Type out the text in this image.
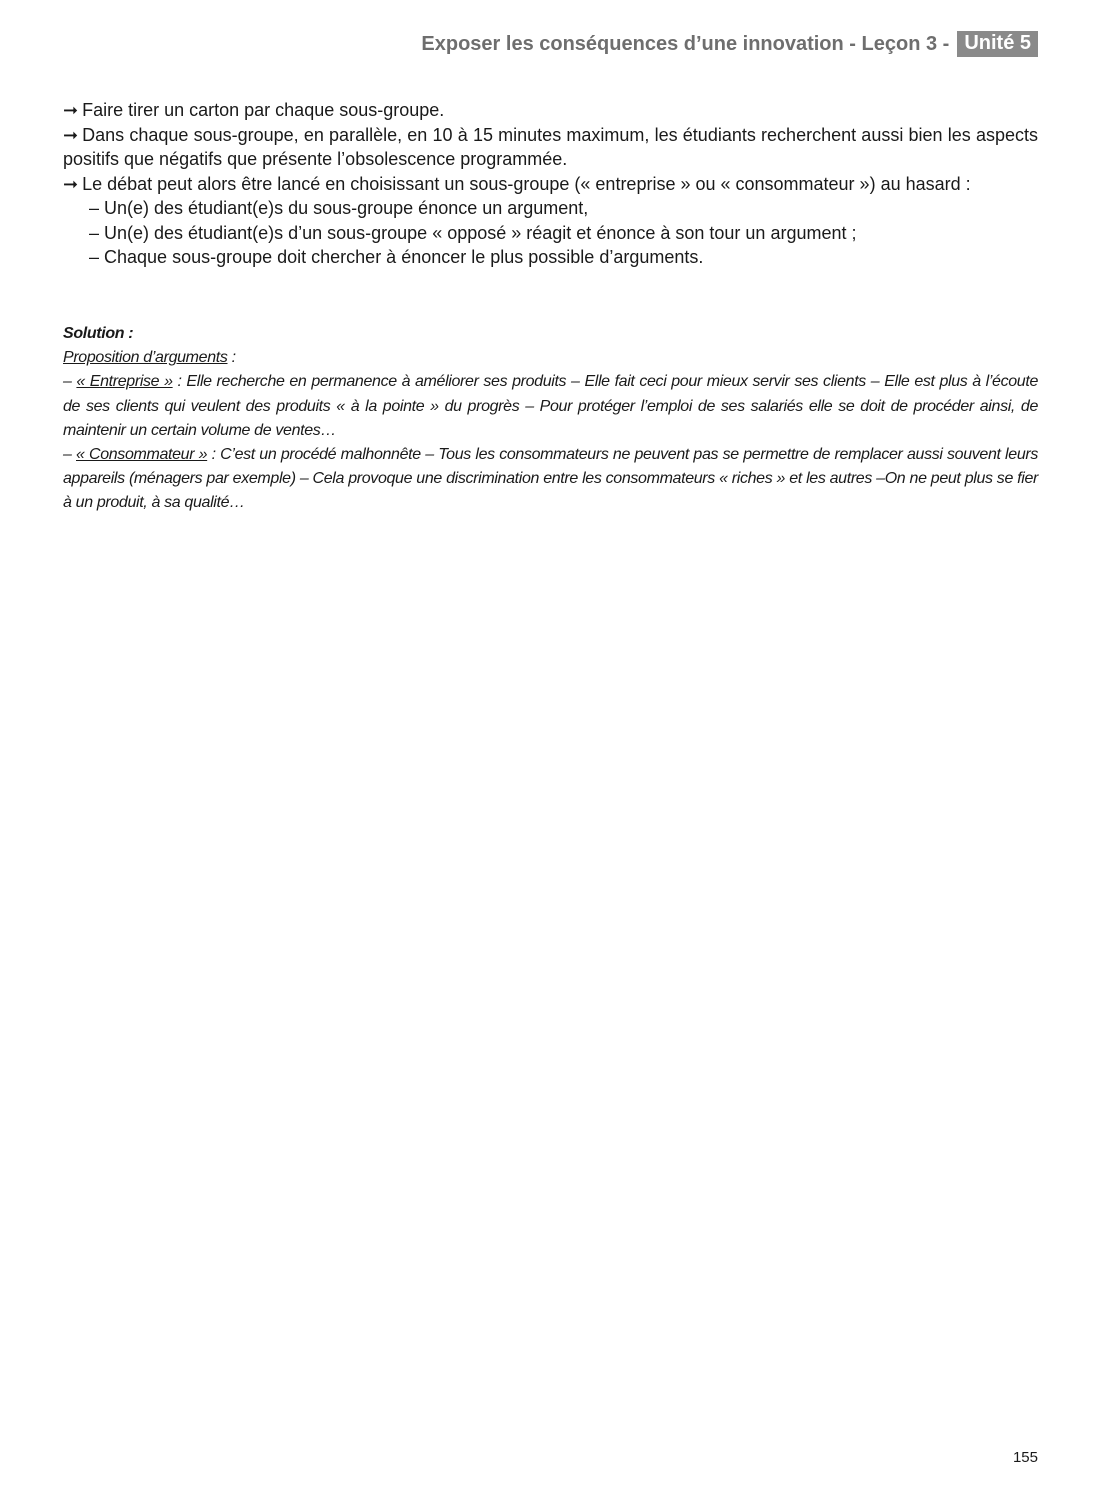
Exposer les conséquences d’une innovation - Leçon 3 - Unité 5

➞ Faire tirer un carton par chaque sous-groupe.

➞ Dans chaque sous-groupe, en parallèle, en 10 à 15 minutes maximum, les étudiants recherchent aussi bien les aspects positifs que négatifs que présente l’obsolescence programmée.

➞ Le débat peut alors être lancé en choisissant un sous-groupe (« entreprise » ou « consommateur ») au hasard :

– Un(e) des étudiant(e)s du sous-groupe énonce un argument,

– Un(e) des étudiant(e)s d’un sous-groupe « opposé » réagit et énonce à son tour un argument ;

– Chaque sous-groupe doit chercher à énoncer le plus possible d’arguments.

Solution :

Proposition d’arguments :

– « Entreprise » : Elle recherche en permanence à améliorer ses produits – Elle fait ceci pour mieux servir ses clients – Elle est plus à l’écoute de ses clients qui veulent des produits « à la pointe » du progrès – Pour protéger l’emploi de ses salariés elle se doit de procéder ainsi, de maintenir un certain volume de ventes…

– « Consommateur » : C’est un procédé malhonnête – Tous les consommateurs ne peuvent pas se permettre de remplacer aussi souvent leurs appareils (ménagers par exemple) – Cela provoque une discrimination entre les consommateurs « riches » et les autres –On ne peut plus se fier à un produit, à sa qualité…

155
